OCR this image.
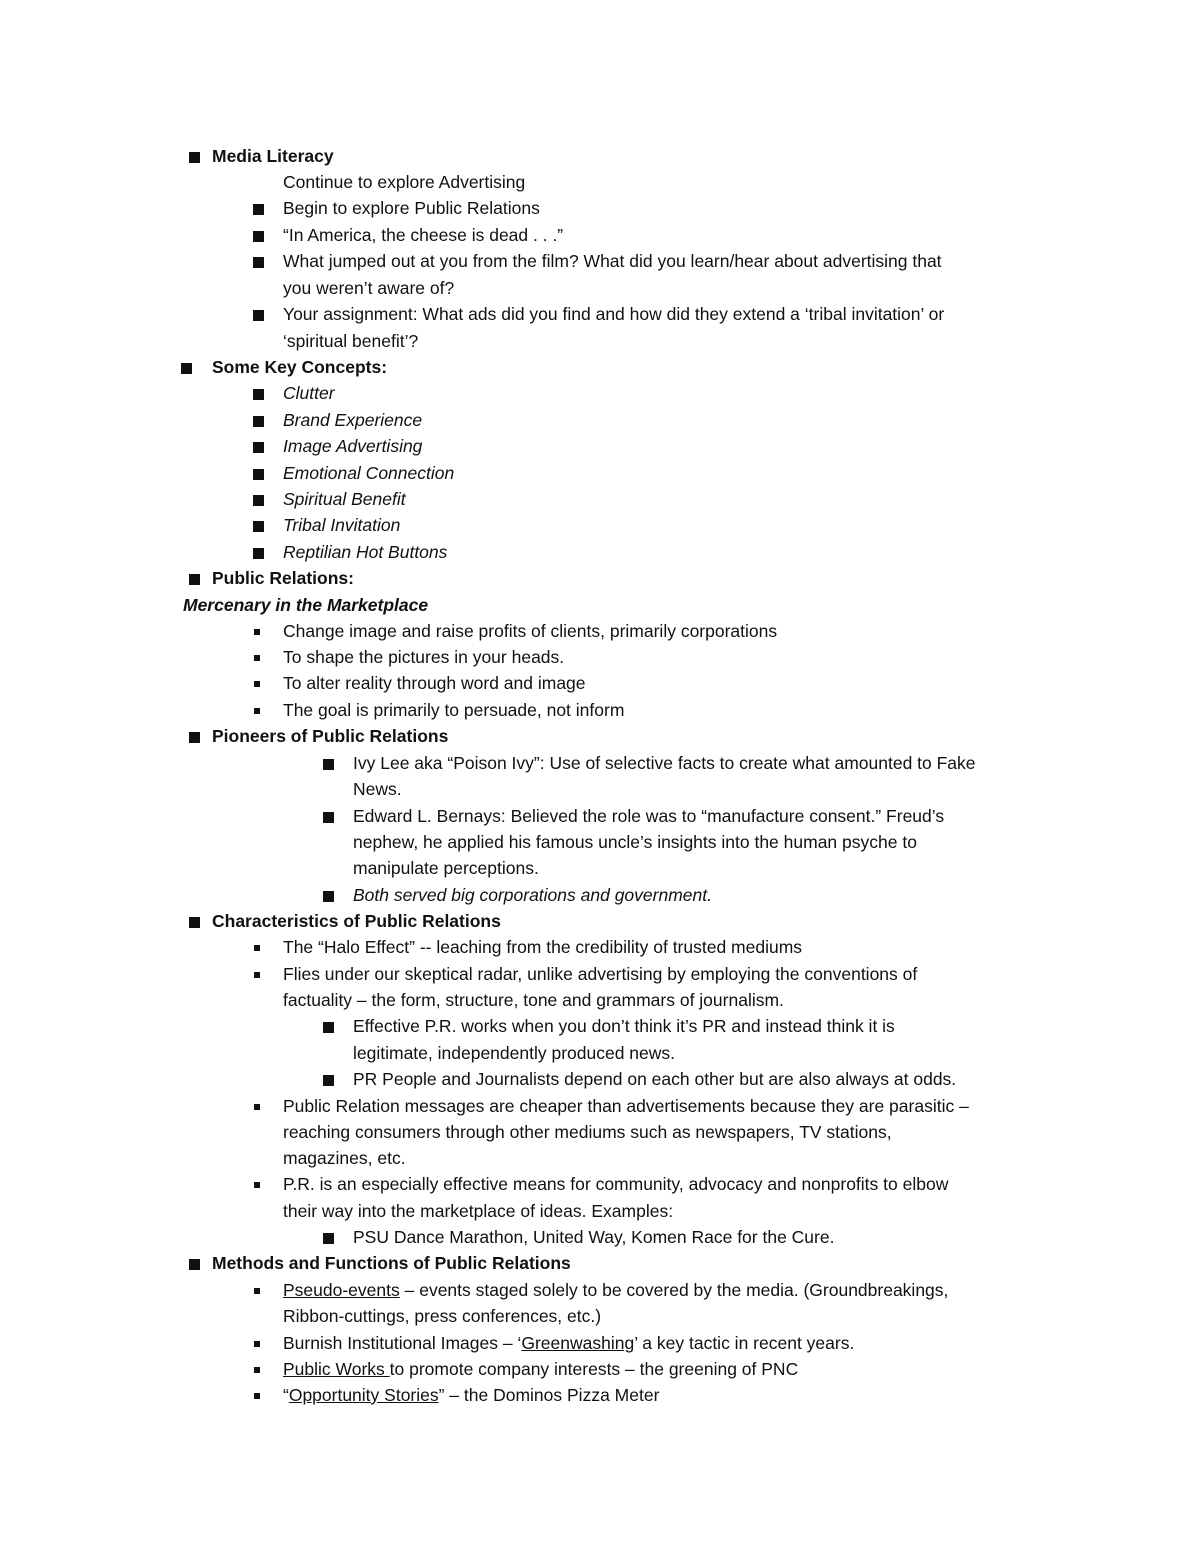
Media Literacy
Continue to explore Advertising
Begin to explore Public Relations
“In America, the cheese is dead . . .”
What jumped out at you from the film? What did you learn/hear about advertising that
you weren’t aware of?
Your assignment: What ads did you find and how did they extend a ‘tribal invitation’ or
‘spiritual benefit’?
Some Key Concepts:
Clutter
Brand Experience
Image Advertising
Emotional Connection
Spiritual Benefit
Tribal Invitation
Reptilian Hot Buttons
Public Relations:
Mercenary in the Marketplace
Change image and raise profits of clients, primarily corporations
To shape the pictures in your heads.
To alter reality through word and image
The goal is primarily to persuade, not inform
Pioneers of Public Relations
Ivy Lee aka “Poison Ivy”: Use of selective facts to create what amounted to Fake
News.
Edward L. Bernays: Believed the role was to “manufacture consent.” Freud’s
nephew, he applied his famous uncle’s insights into the human psyche to
manipulate perceptions.
Both served big corporations and government.
Characteristics of Public Relations
The “Halo Effect” -- leaching from the credibility of trusted mediums
Flies under our skeptical radar, unlike advertising by employing the conventions of
factuality – the form, structure, tone and grammars of journalism.
Effective P.R. works when you don’t think it’s PR and instead think it is
legitimate, independently produced news.
PR People and Journalists depend on each other but are also always at odds.
Public Relation messages are cheaper than advertisements because they are parasitic –
reaching consumers through other mediums such as newspapers, TV stations,
magazines, etc.
P.R. is an especially effective means for community, advocacy and nonprofits to elbow
their way into the marketplace of ideas. Examples:
PSU Dance Marathon, United Way, Komen Race for the Cure.
Methods and Functions of Public Relations
Pseudo-events – events staged solely to be covered by the media. (Groundbreakings,
Ribbon-cuttings, press conferences, etc.)
Burnish Institutional Images – ‘Greenwashing’ a key tactic in recent years.
Public Works to promote company interests – the greening of PNC
“Opportunity Stories” – the Dominos Pizza Meter
